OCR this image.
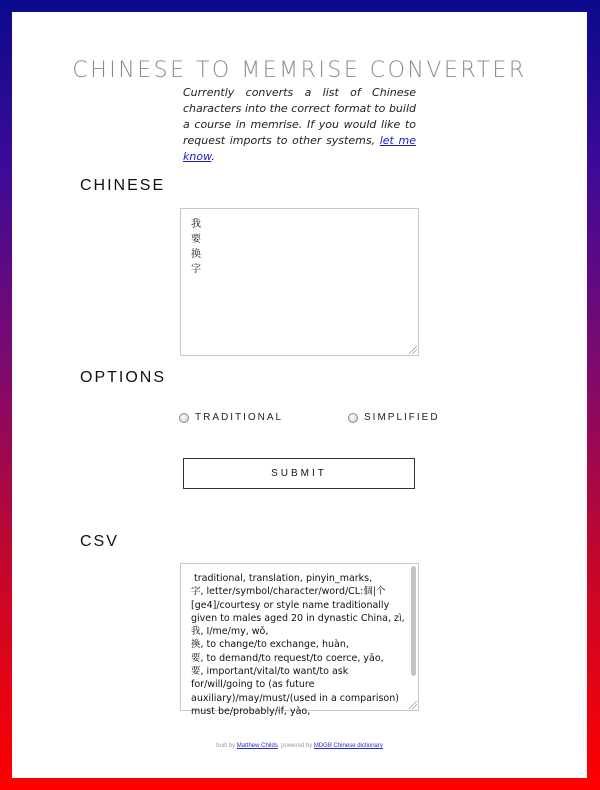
CHINESE TO MEMRISE CONVERTER
Currently converts a list of Chinese characters into the correct format to build a course in memrise. If you would like to request imports to other systems, let me know.
CHINESE
我
要
换
字
OPTIONS
TRADITIONAL	SIMPLIFIED
SUBMIT
CSV
traditional, translation, pinyin_marks,
字, letter/symbol/character/word/CL:個|个[ge4]/courtesy or style name traditionally given to males aged 20 in dynastic China, zì,
我, I/me/my, wǒ,
換, to change/to exchange, huàn,
要, to demand/to request/to coerce, yāo,
要, important/vital/to want/to ask for/will/going to (as future auxiliary)/may/must/(used in a comparison) must be/probably/if, yào,
built by Matthew Childs, powered by MDGB Chinese dictionary
